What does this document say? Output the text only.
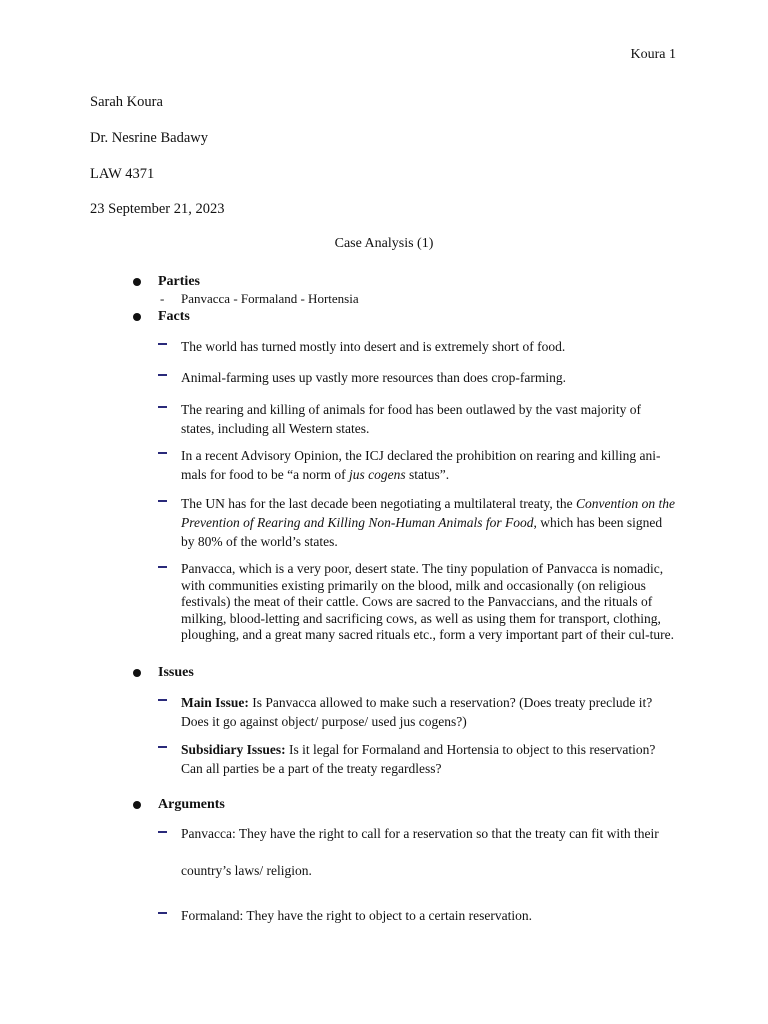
Koura 1
Sarah Koura
Dr. Nesrine Badawy
LAW 4371
23 September 21, 2023
Case Analysis (1)
Parties
- Panvacca - Formaland - Hortensia
Facts
The world has turned mostly into desert and is extremely short of food.
Animal-farming uses up vastly more resources than does crop-farming.
The rearing and killing of animals for food has been outlawed by the vast majority of states, including all Western states.
In a recent Advisory Opinion, the ICJ declared the prohibition on rearing and killing ani-mals for food to be “a norm of jus cogens status”.
The UN has for the last decade been negotiating a multilateral treaty, the Convention on the Prevention of Rearing and Killing Non-Human Animals for Food, which has been signed by 80% of the world’s states.
Panvacca, which is a very poor, desert state. The tiny population of Panvacca is nomadic, with communities existing primarily on the blood, milk and occasionally (on religious festivals) the meat of their cattle. Cows are sacred to the Panvaccians, and the rituals of milking, blood-letting and sacrificing cows, as well as using them for transport, clothing, ploughing, and a great many sacred rituals etc., form a very important part of their cul-ture.
Issues
Main Issue: Is Panvacca allowed to make such a reservation? (Does treaty preclude it? Does it go against object/ purpose/ used jus cogens?)
Subsidiary Issues: Is it legal for Formaland and Hortensia to object to this reservation? Can all parties be a part of the treaty regardless?
Arguments
Panvacca: They have the right to call for a reservation so that the treaty can fit with their country’s laws/ religion.
Formaland: They have the right to object to a certain reservation.
